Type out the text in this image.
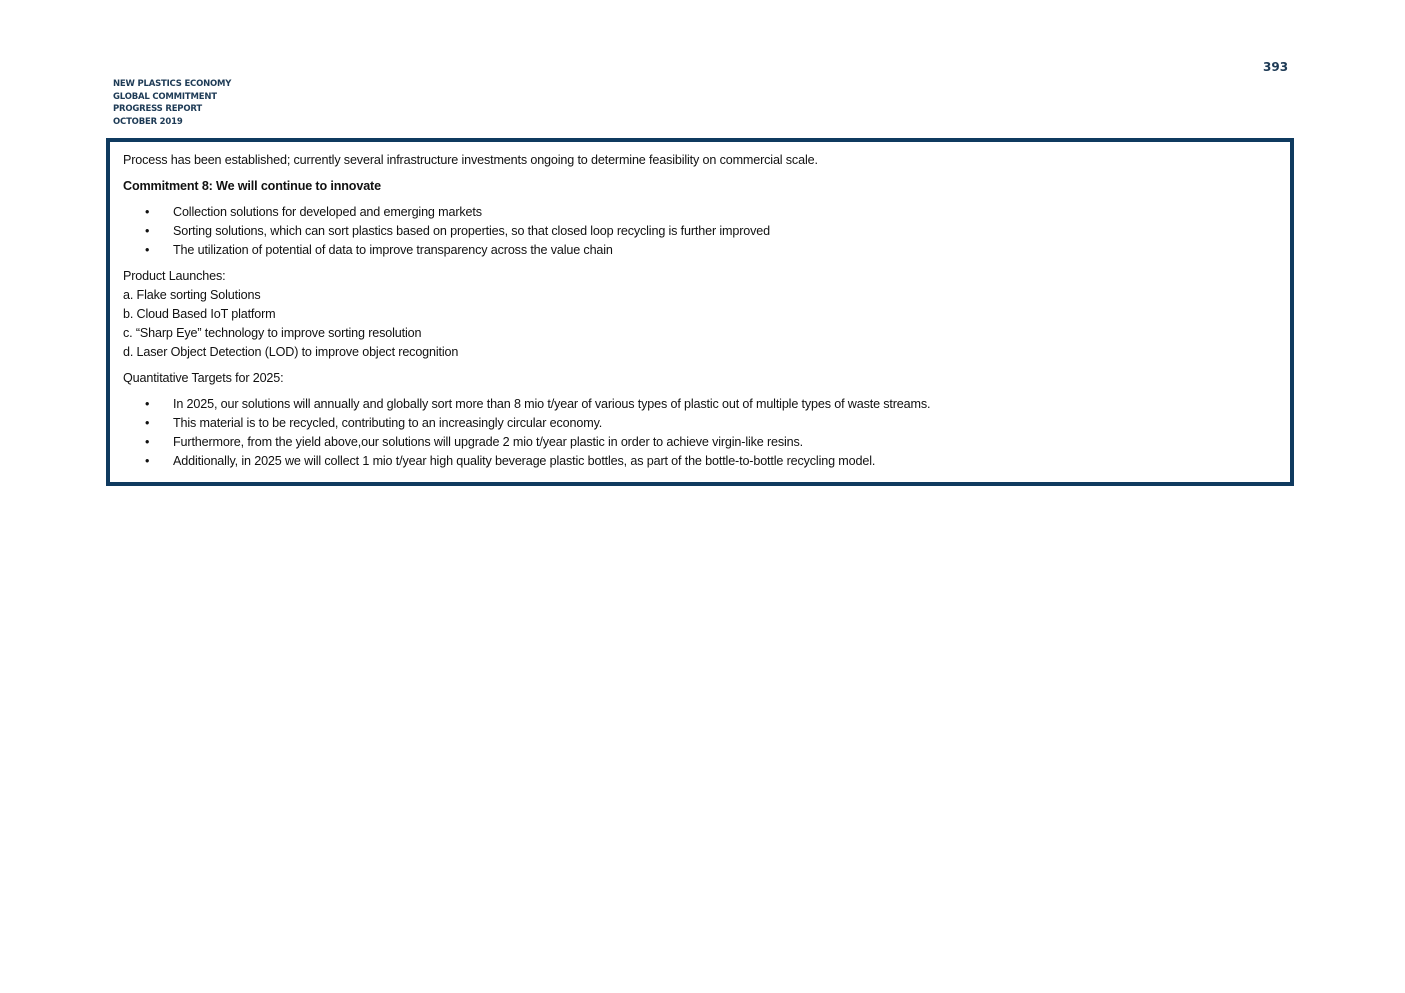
NEW PLASTICS ECONOMY
GLOBAL COMMITMENT
PROGRESS REPORT
OCTOBER 2019
393
Process has been established; currently several infrastructure investments ongoing to determine feasibility on commercial scale.
Commitment 8: We will continue to innovate
• Collection solutions for developed and emerging markets
• Sorting solutions, which can sort plastics based on properties, so that closed loop recycling is further improved
• The utilization of potential of data to improve transparency across the value chain
Product Launches:
a. Flake sorting Solutions
b. Cloud Based IoT platform
c. “Sharp Eye” technology to improve sorting resolution
d. Laser Object Detection (LOD) to improve object recognition
Quantitative Targets for 2025:
• In 2025, our solutions will annually and globally sort more than 8 mio t/year of various types of plastic out of multiple types of waste streams.
• This material is to be recycled, contributing to an increasingly circular economy.
• Furthermore, from the yield above,our solutions will upgrade 2 mio t/year plastic in order to achieve virgin-like resins.
• Additionally, in 2025 we will collect 1 mio t/year high quality beverage plastic bottles, as part of the bottle-to-bottle recycling model.
